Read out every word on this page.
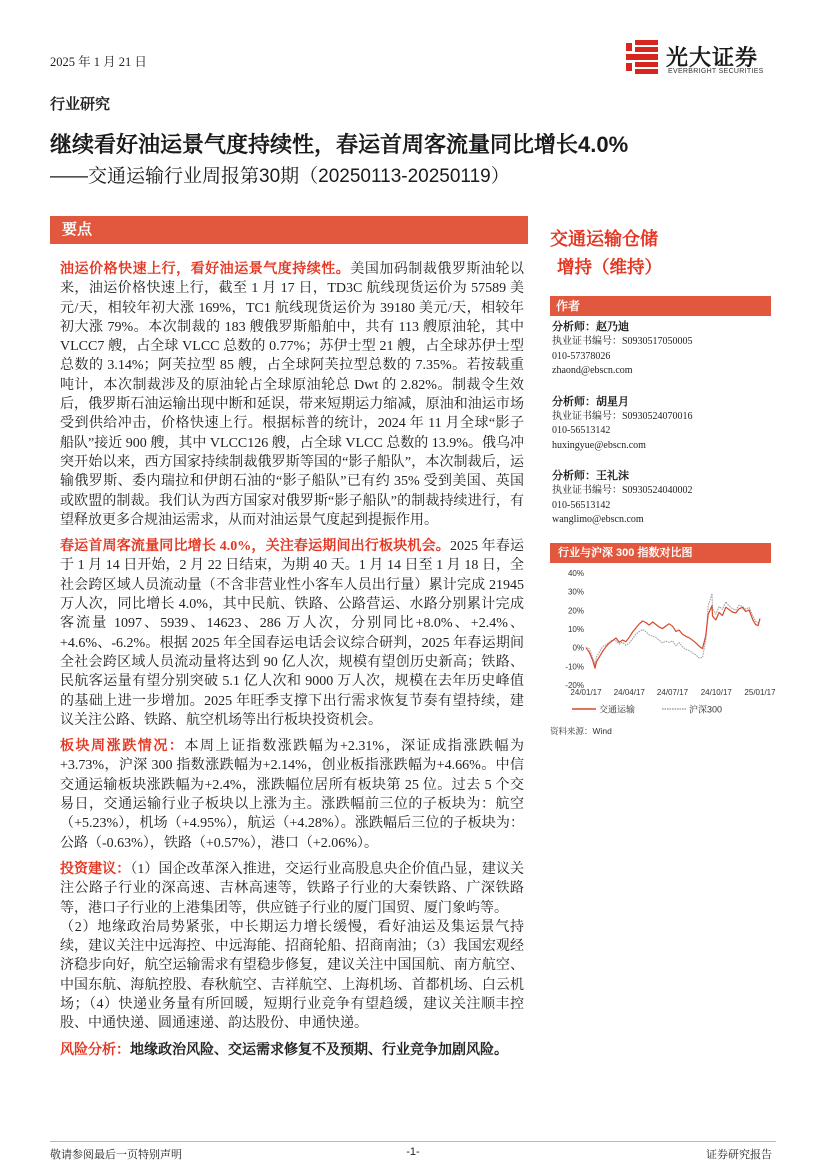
2025 年 1 月 21 日	光大证券
EVERBRIGHT SECURITIES
行业研究
继续看好油运景气度持续性，春运首周客流量同比增长4.0%
——交通运输行业周报第30期（20250113-20250119）
要点

油运价格快速上行，看好油运景气度持续性。美国加码制裁俄罗斯油轮以来，油运价格快速上行，截至 1 月 17 日，TD3C 航线现货运价为 57589 美元/天，相较年初大涨 169%，TC1 航线现货运价为 39180 美元/天，相较年初大涨 79%。本次制裁的 183 艘俄罗斯船舶中，共有 113 艘原油轮，其中 VLCC7 艘，占全球 VLCC 总数的 0.77%；苏伊士型 21 艘，占全球苏伊士型总数的 3.14%；阿芙拉型 85 艘，占全球阿芙拉型总数的 7.35%。若按载重吨计，本次制裁涉及的原油轮占全球原油轮总 Dwt 的 2.82%。制裁令生效后，俄罗斯石油运输出现中断和延误，带来短期运力缩减，原油和油运市场受到供给冲击，价格快速上行。根据标普的统计，2024 年 11 月全球“影子船队”接近 900 艘，其中 VLCC126 艘，占全球 VLCC 总数的 13.9%。俄乌冲突开始以来，西方国家持续制裁俄罗斯等国的“影子船队”，本次制裁后，运输俄罗斯、委内瑞拉和伊朗石油的“影子船队”已有约 35% 受到美国、英国或欧盟的制裁。我们认为西方国家对俄罗斯“影子船队”的制裁持续进行，有望释放更多合规油运需求，从而对油运景气度起到提振作用。

春运首周客流量同比增长 4.0%，关注春运期间出行板块机会。2025 年春运于 1 月 14 日开始，2 月 22 日结束，为期 40 天。1 月 14 日至 1 月 18 日，全社会跨区域人员流动量（不含非营业性小客车人员出行量）累计完成 21945 万人次，同比增长 4.0%，其中民航、铁路、公路营运、水路分别累计完成客流量 1097、5939、14623、286 万人次，分别同比+8.0%、+2.4%、+4.6%、-6.2%。根据 2025 年全国春运电话会议综合研判，2025 年春运期间全社会跨区域人员流动量将达到 90 亿人次，规模有望创历史新高；铁路、民航客运量有望分别突破 5.1 亿人次和 9000 万人次，规模在去年历史峰值的基础上进一步增加。2025 年旺季支撑下出行需求恢复节奏有望持续，建议关注公路、铁路、航空机场等出行板块投资机会。

板块周涨跌情况：本周上证指数涨跌幅为+2.31%，深证成指涨跌幅为+3.73%，沪深 300 指数涨跌幅为+2.14%，创业板指涨跌幅为+4.66%。中信交通运输板块涨跌幅为+2.4%，涨跌幅位居所有板块第 25 位。过去 5 个交易日，交通运输行业子板块以上涨为主。涨跌幅前三位的子板块为：航空（+5.23%），机场（+4.95%），航运（+4.28%）。涨跌幅后三位的子板块为：公路（-0.63%），铁路（+0.57%），港口（+2.06%）。

投资建议：（1）国企改革深入推进，交运行业高股息央企价值凸显，建议关注公路子行业的深高速、吉林高速等，铁路子行业的大秦铁路、广深铁路等，港口子行业的上港集团等，供应链子行业的厦门国贸、厦门象屿等。

（2）地缘政治局势紧张，中长期运力增长缓慢，看好油运及集运景气持续，建议关注中远海控、中远海能、招商轮船、招商南油；（3）我国宏观经济稳步向好，航空运输需求有望稳步修复，建议关注中国国航、南方航空、中国东航、海航控股、春秋航空、吉祥航空、上海机场、首都机场、白云机场；（4）快递业务量有所回暖，短期行业竞争有望趋缓，建议关注顺丰控股、中通快递、圆通速递、韵达股份、申通快递。

风险分析：地缘政治风险、交运需求修复不及预期、行业竞争加剧风险。

交通运输仓储
增持（维持）
作者
分析师：赵乃迪
执业证书编号：S0930517050005
010-57378026
zhaond@ebscn.com
分析师：胡星月
执业证书编号：S0930524070016
010-56513142
huxingyue@ebscn.com
分析师：王礼沫
执业证书编号：S0930524040002
010-56513142
wanglimo@ebscn.com
行业与沪深 300 指数对比图
40%
30%
20%
10%
0%
-10%
-20%
24/01/17 24/04/17 24/07/17 24/10/17 25/01/17
交通运输	沪深300
资料来源：Wind
敬请参阅最后一页特别声明	-1-	证券研究报告
